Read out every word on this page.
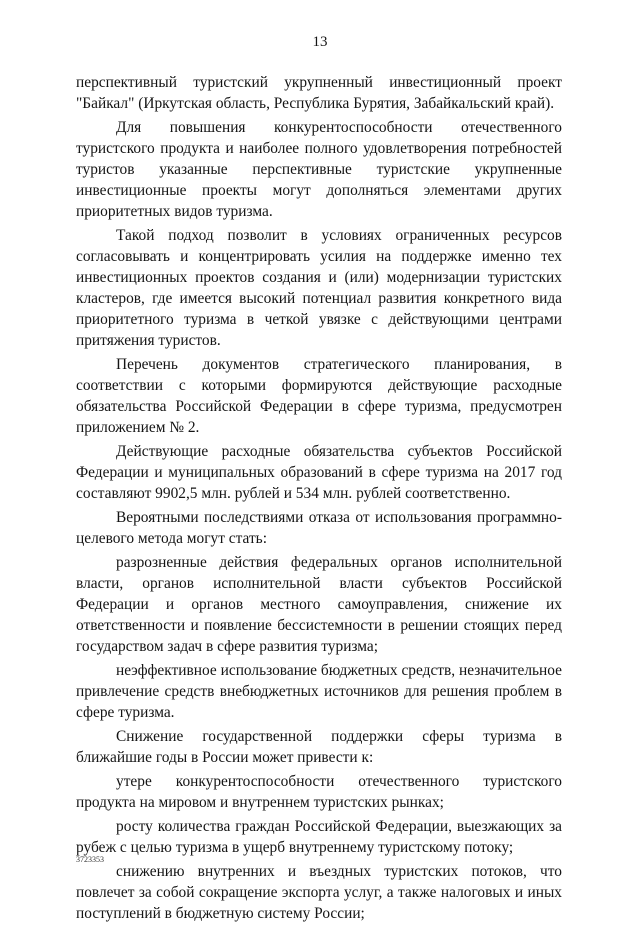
13

перспективный туристский укрупненный инвестиционный проект "Байкал" (Иркутская область, Республика Бурятия, Забайкальский край).

Для повышения конкурентоспособности отечественного туристского продукта и наиболее полного удовлетворения потребностей туристов указанные перспективные туристские укрупненные инвестиционные проекты могут дополняться элементами других приоритетных видов туризма.

Такой подход позволит в условиях ограниченных ресурсов согласовывать и концентрировать усилия на поддержке именно тех инвестиционных проектов создания и (или) модернизации туристских кластеров, где имеется высокий потенциал развития конкретного вида приоритетного туризма в четкой увязке с действующими центрами притяжения туристов.

Перечень документов стратегического планирования, в соответствии с которыми формируются действующие расходные обязательства Российской Федерации в сфере туризма, предусмотрен приложением № 2.

Действующие расходные обязательства субъектов Российской Федерации и муниципальных образований в сфере туризма на 2017 год составляют 9902,5 млн. рублей и 534 млн. рублей соответственно.

Вероятными последствиями отказа от использования программно-целевого метода могут стать:

разрозненные действия федеральных органов исполнительной власти, органов исполнительной власти субъектов Российской Федерации и органов местного самоуправления, снижение их ответственности и появление бессистемности в решении стоящих перед государством задач в сфере развития туризма;

неэффективное использование бюджетных средств, незначительное привлечение средств внебюджетных источников для решения проблем в сфере туризма.

Снижение государственной поддержки сферы туризма в ближайшие годы в России может привести к:

утере конкурентоспособности отечественного туристского продукта на мировом и внутреннем туристских рынках;

росту количества граждан Российской Федерации, выезжающих за рубеж с целью туризма в ущерб внутреннему туристскому потоку;

снижению внутренних и въездных туристских потоков, что повлечет за собой сокращение экспорта услуг, а также налоговых и иных поступлений в бюджетную систему России;

3723353
